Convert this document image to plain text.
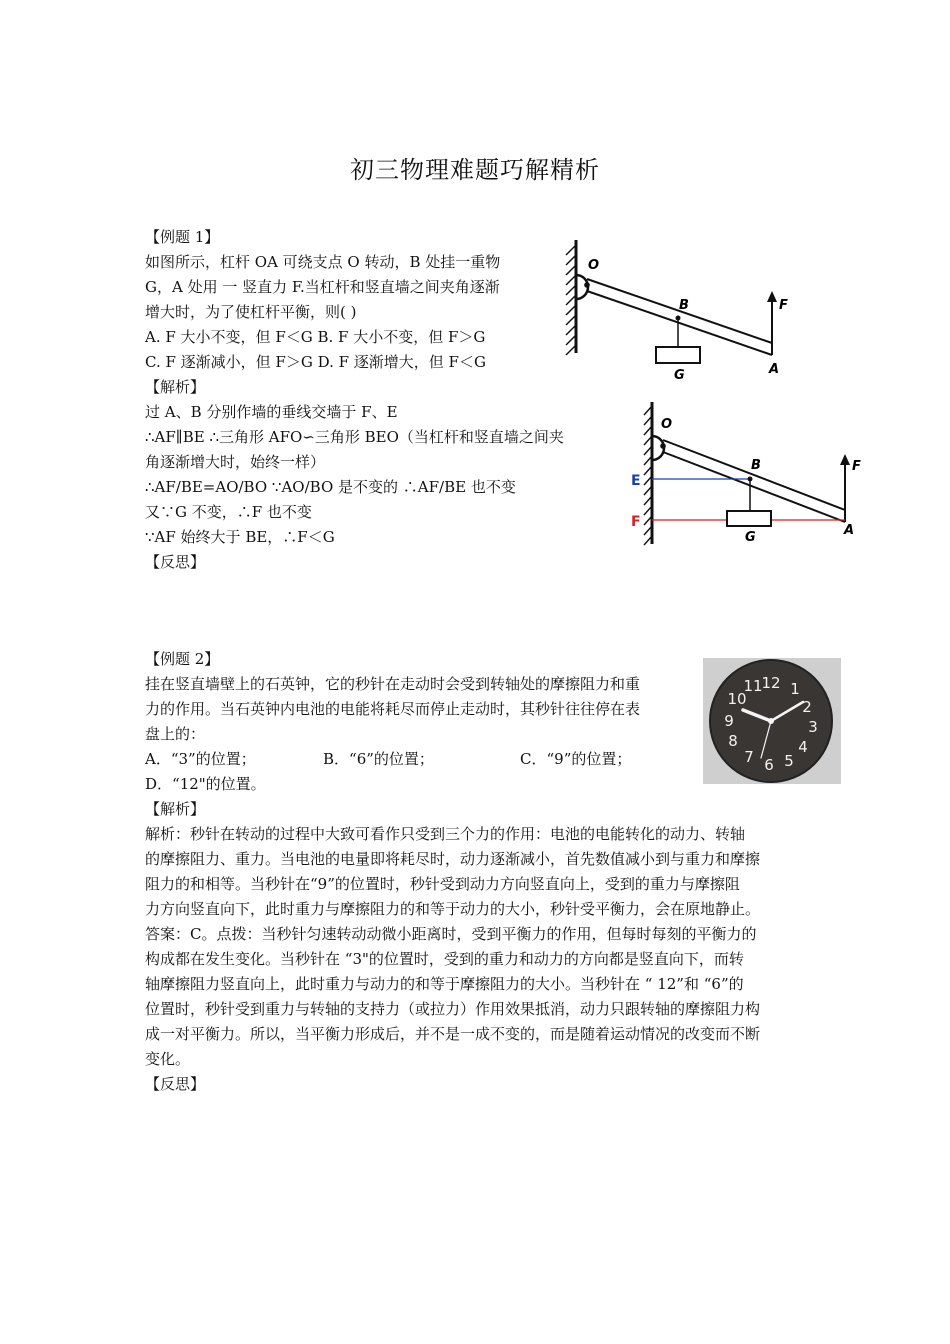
初三物理难题巧解精析
【例题 1】
如图所示，杠杆 OA 可绕支点 O 转动，B 处挂一重物
G，A 处用 一 竖直力 F.当杠杆和竖直墙之间夹角逐渐
增大时，为了使杠杆平衡，则( )
A. F 大小不变，但 F＜G B. F 大小不变，但 F＞G
C. F 逐渐减小，但 F＞G D. F 逐渐增大，但 F＜G
【解析】
过 A、B 分别作墙的垂线交墙于 F、E
∴AF∥BE ∴三角形 AFO∽三角形 BEO（当杠杆和竖直墙之间夹
角逐渐增大时，始终一样）
∴AF/BE=AO/BO ∵AO/BO 是不变的 ∴AF/BE 也不变
又∵G 不变，∴F 也不变
∵AF 始终大于 BE，∴F＜G
【反思】
O
B	F
A
G
O
B	F
A
G
E
F
【例题 2】
挂在竖直墙壁上的石英钟，它的秒针在走动时会受到转轴处的摩擦阻力和重
力的作用。当石英钟内电池的电能将耗尽而停止走动时，其秒针往往停在表
盘上的：
A．“3”的位置；	B．“6”的位置；	C．“9”的位置；
D．“12"的位置。
12 1
2
3
4
5
6
7
8
9
10
11
【解析】
解析：秒针在转动的过程中大致可看作只受到三个力的作用：电池的电能转化的动力、转轴
的摩擦阻力、重力。当电池的电量即将耗尽时，动力逐渐减小，首先数值减小到与重力和摩擦
阻力的和相等。当秒针在“9”的位置时，秒针受到动力方向竖直向上，受到的重力与摩擦阻
力方向竖直向下，此时重力与摩擦阻力的和等于动力的大小，秒针受平衡力，会在原地静止。
答案：C。点拨：当秒针匀速转动动微小距离时，受到平衡力的作用，但每时每刻的平衡力的
构成都在发生变化。当秒针在 “3"的位置时，受到的重力和动力的方向都是竖直向下，而转
轴摩擦阻力竖直向上，此时重力与动力的和等于摩擦阻力的大小。当秒针在 “ 12”和 “6”的
位置时，秒针受到重力与转轴的支持力（或拉力）作用效果抵消，动力只跟转轴的摩擦阻力构
成一对平衡力。所以，当平衡力形成后，并不是一成不变的，而是随着运动情况的改变而不断
变化。
【反思】
